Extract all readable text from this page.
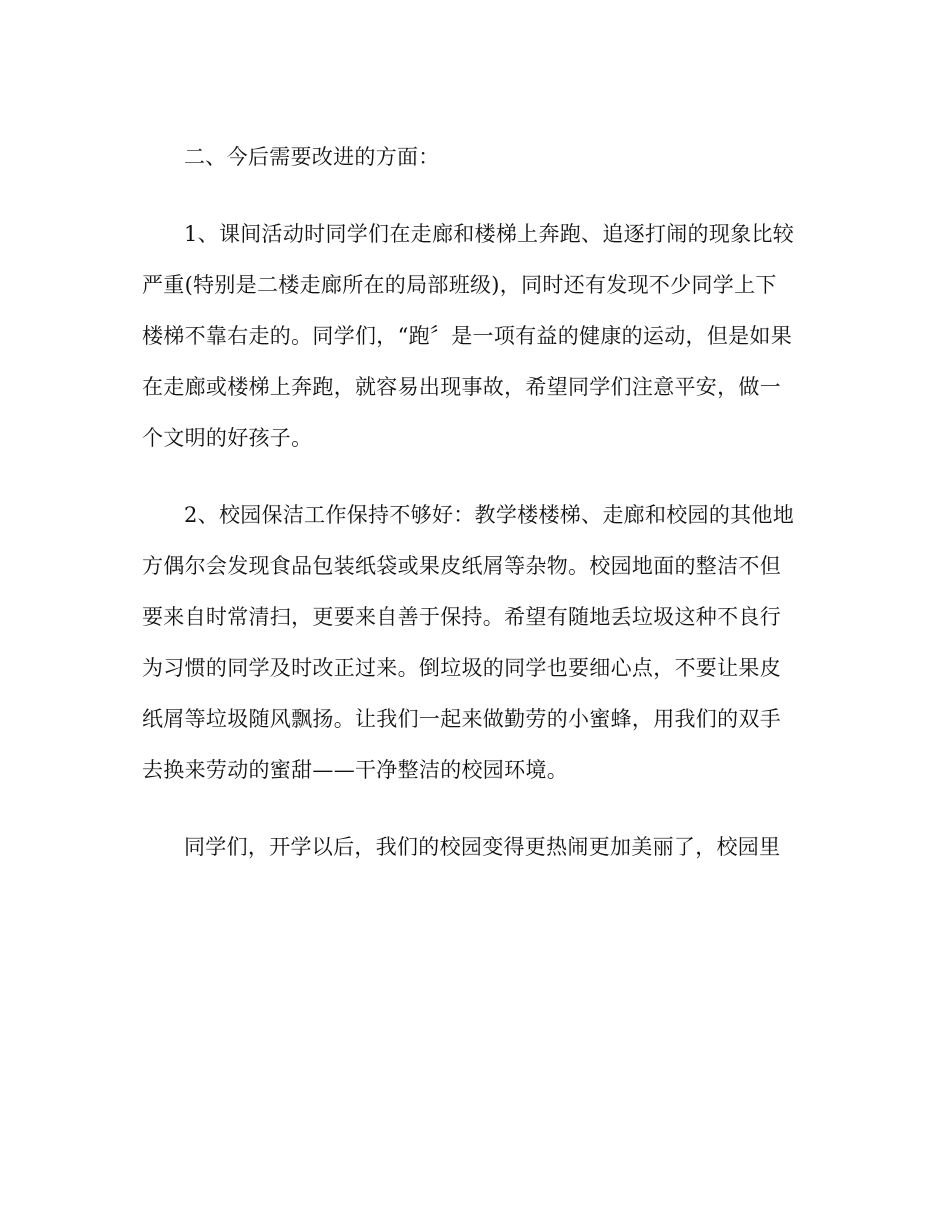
二、今后需要改进的方面：
1、课间活动时同学们在走廊和楼梯上奔跑、追逐打闹的现象比较
严重(特别是二楼走廊所在的局部班级)，同时还有发现不少同学上下
楼梯不靠右走的。同学们，“跑〞是一项有益的健康的运动，但是如果
在走廊或楼梯上奔跑，就容易出现事故，希望同学们注意平安，做一
个文明的好孩子。
2、校园保洁工作保持不够好：教学楼楼梯、走廊和校园的其他地
方偶尔会发现食品包装纸袋或果皮纸屑等杂物。校园地面的整洁不但
要来自时常清扫，更要来自善于保持。希望有随地丢垃圾这种不良行
为习惯的同学及时改正过来。倒垃圾的同学也要细心点，不要让果皮
纸屑等垃圾随风飘扬。让我们一起来做勤劳的小蜜蜂，用我们的双手
去换来劳动的蜜甜——干净整洁的校园环境。
同学们，开学以后，我们的校园变得更热闹更加美丽了，校园里
